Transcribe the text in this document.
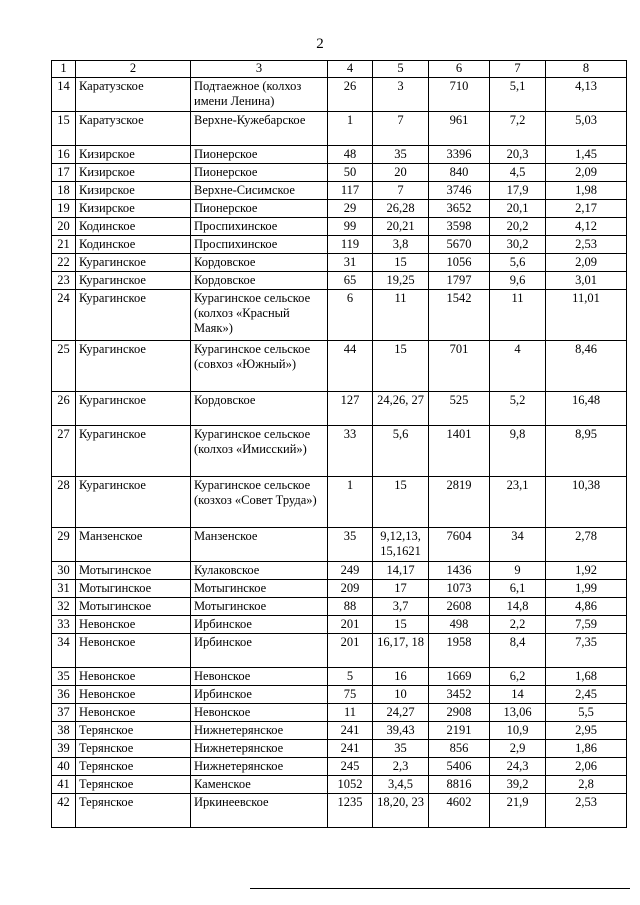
2
1	2	3	4	5	6	7	8
14	Каратузское	Подтаежное (колхоз имени Ленина)	26	3	710	5,1	4,13
15	Каратузское	Верхне-Кужебарское	1	7	961	7,2	5,03
16	Кизирское	Пионерское	48	35	3396	20,3	1,45
17	Кизирское	Пионерское	50	20	840	4,5	2,09
18	Кизирское	Верхне-Сисимское	117	7	3746	17,9	1,98
19	Кизирское	Пионерское	29	26,28	3652	20,1	2,17
20	Кодинское	Проспихинское	99	20,21	3598	20,2	4,12
21	Кодинское	Проспихинское	119	3,8	5670	30,2	2,53
22	Курагинское	Кордовское	31	15	1056	5,6	2,09
23	Курагинское	Кордовское	65	19,25	1797	9,6	3,01
24	Курагинское	Курагинское сельское (колхоз «Красный Маяк»)	6	11	1542	11	11,01
25	Курагинское	Курагинское сельское (совхоз «Южный»)	44	15	701	4	8,46
26	Курагинское	Кордовское	127	24,26, 27	525	5,2	16,48
27	Курагинское	Курагинское сельское (колхоз «Имисский»)	33	5,6	1401	9,8	8,95
28	Курагинское	Курагинское сельское (козхоз «Совет Труда»)	1	15	2819	23,1	10,38
29	Манзенское	Манзенское	35	9,12,13, 15,1621	7604	34	2,78
30	Мотыгинское	Кулаковское	249	14,17	1436	9	1,92
31	Мотыгинское	Мотыгинское	209	17	1073	6,1	1,99
32	Мотыгинское	Мотыгинское	88	3,7	2608	14,8	4,86
33	Невонское	Ирбинское	201	15	498	2,2	7,59
34	Невонское	Ирбинское	201	16,17, 18	1958	8,4	7,35
35	Невонское	Невонское	5	16	1669	6,2	1,68
36	Невонское	Ирбинское	75	10	3452	14	2,45
37	Невонское	Невонское	11	24,27	2908	13,06	5,5
38	Терянское	Нижнетерянское	241	39,43	2191	10,9	2,95
39	Терянское	Нижнетерянское	241	35	856	2,9	1,86
40	Терянское	Нижнетерянское	245	2,3	5406	24,3	2,06
41	Терянское	Каменское	1052	3,4,5	8816	39,2	2,8
42	Терянское	Иркинеевское	1235	18,20, 23	4602	21,9	2,53
